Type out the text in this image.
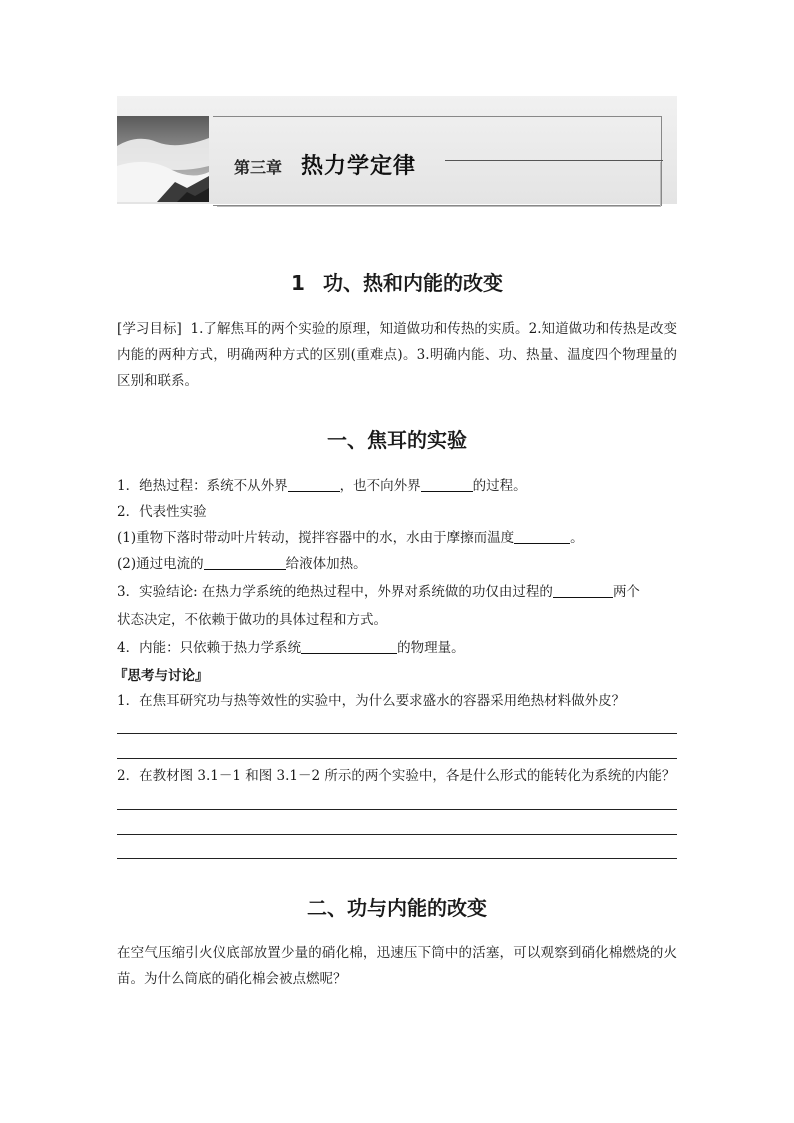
第三章 热力学定律
1 功、热和内能的改变
[学习目标] 1.了解焦耳的两个实验的原理，知道做功和传热的实质。2.知道做功和传热是改变内能的两种方式，明确两种方式的区别(重难点)。3.明确内能、功、热量、温度四个物理量的区别和联系。
一、焦耳的实验
1．绝热过程：系统不从外界	，也不向外界	的过程。
2．代表性实验
(1)重物下落时带动叶片转动，搅拌容器中的水，水由于摩擦而温度	。
(2)通过电流的	给液体加热。
3．实验结论: 在热力学系统的绝热过程中，外界对系统做的功仅由过程的	两个
状态决定，不依赖于做功的具体过程和方式。
4．内能：只依赖于热力学系统	的物理量。
『思考与讨论』
1．在焦耳研究功与热等效性的实验中，为什么要求盛水的容器采用绝热材料做外皮？
2．在教材图 3.1－1 和图 3.1－2 所示的两个实验中，各是什么形式的能转化为系统的内能？
二、功与内能的改变
在空气压缩引火仪底部放置少量的硝化棉，迅速压下筒中的活塞，可以观察到硝化棉燃烧的火苗。为什么筒底的硝化棉会被点燃呢？
